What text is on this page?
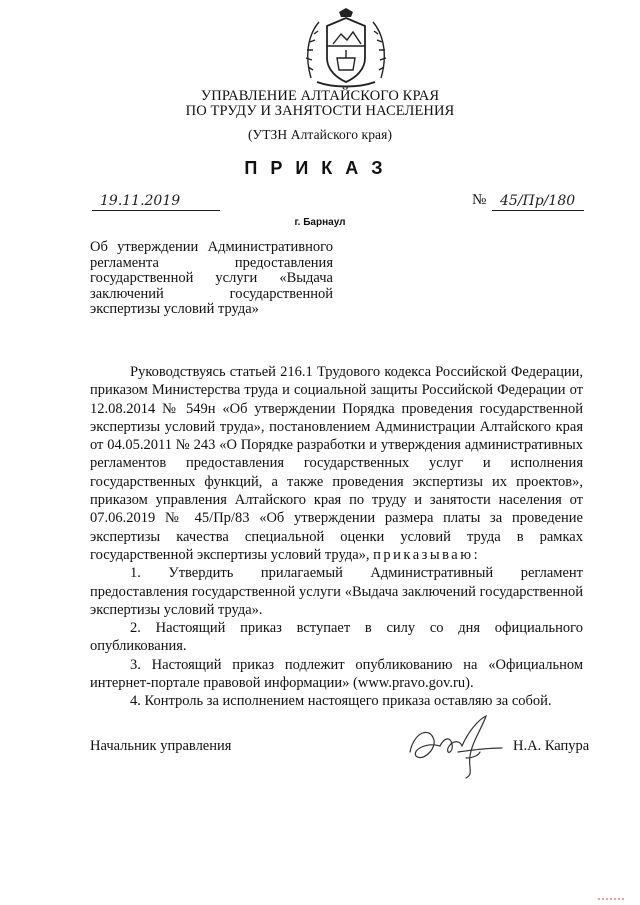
УПРАВЛЕНИЕ АЛТАЙСКОГО КРАЯ
ПО ТРУДУ И ЗАНЯТОСТИ НАСЕЛЕНИЯ
(УТЗН Алтайского края)
ПРИКАЗ
19.11.2019	№ 45/Пр/180
г. Барнаул
Об утверждении Административного регламента предоставления государственной услуги «Выдача заключений государственной экспертизы условий труда»

Руководствуясь статьей 216.1 Трудового кодекса Российской Федерации, приказом Министерства труда и социальной защиты Российской Федерации от 12.08.2014 № 549н «Об утверждении Порядка проведения государственной экспертизы условий труда», постановлением Администрации Алтайского края от 04.05.2011 № 243 «О Порядке разработки и утверждения административных регламентов предоставления государственных услуг и исполнения государственных функций, а также проведения экспертизы их проектов», приказом управления Алтайского края по труду и занятости населения от 07.06.2019 № 45/Пр/83 «Об утверждении размера платы за проведение экспертизы качества специальной оценки условий труда в рамках государственной экспертизы условий труда», приказываю:

1. Утвердить прилагаемый Административный регламент предоставления государственной услуги «Выдача заключений государственной экспертизы условий труда».

2. Настоящий приказ вступает в силу со дня официального опубликования.

3. Настоящий приказ подлежит опубликованию на «Официальном интернет-портале правовой информации» (www.pravo.gov.ru).

4. Контроль за исполнением настоящего приказа оставляю за собой.

Начальник управления	Н.А. Капура
